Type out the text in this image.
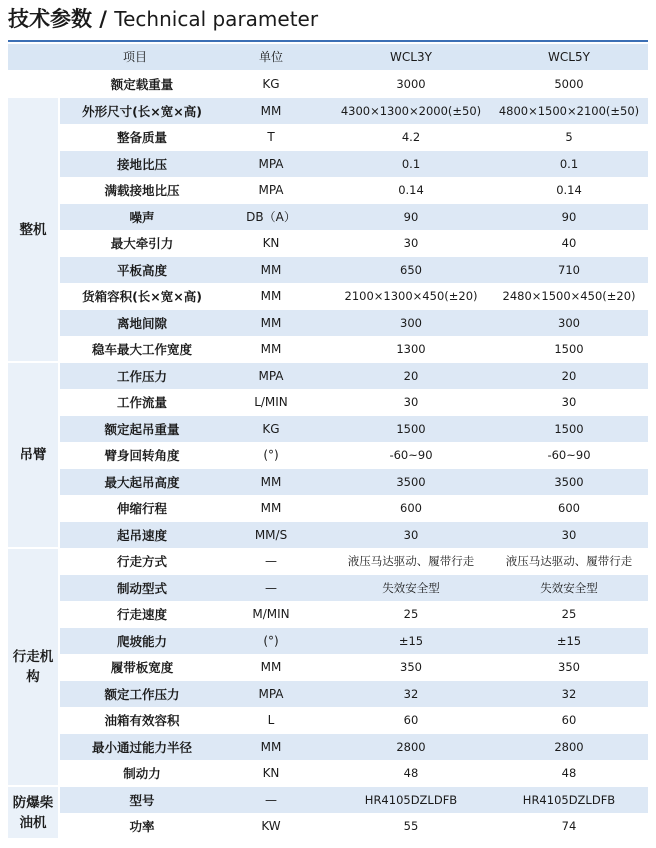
技术参数 / Technical parameter
	项目	单位	WCL3Y	WCL5Y
	额定载重量	KG	3000	5000
整机	外形尺寸(长×宽×高)	MM	4300×1300×2000(±50)	4800×1500×2100(±50)
	整备质量	T	4.2	5
	接地比压	MPA	0.1	0.1
	满载接地比压	MPA	0.14	0.14
	噪声	DB（A）	90	90
	最大牵引力	KN	30	40
	平板高度	MM	650	710
	货箱容积(长×宽×高)	MM	2100×1300×450(±20)	2480×1500×450(±20)
	离地间隙	MM	300	300
	稳车最大工作宽度	MM	1300	1500
吊臂	工作压力	MPA	20	20
	工作流量	L/MIN	30	30
	额定起吊重量	KG	1500	1500
	臂身回转角度	(°)	-60~90	-60~90
	最大起吊高度	MM	3500	3500
	伸缩行程	MM	600	600
	起吊速度	MM/S	30	30
行走机构	行走方式	—	液压马达驱动、履带行走	液压马达驱动、履带行走
	制动型式	—	失效安全型	失效安全型
	行走速度	M/MIN	25	25
	爬坡能力	(°)	±15	±15
	履带板宽度	MM	350	350
	额定工作压力	MPA	32	32
	油箱有效容积	L	60	60
	最小通过能力半径	MM	2800	2800
	制动力	KN	48	48
防爆柴油机	型号	—	HR4105DZLDFB	HR4105DZLDFB
	功率	KW	55	74
